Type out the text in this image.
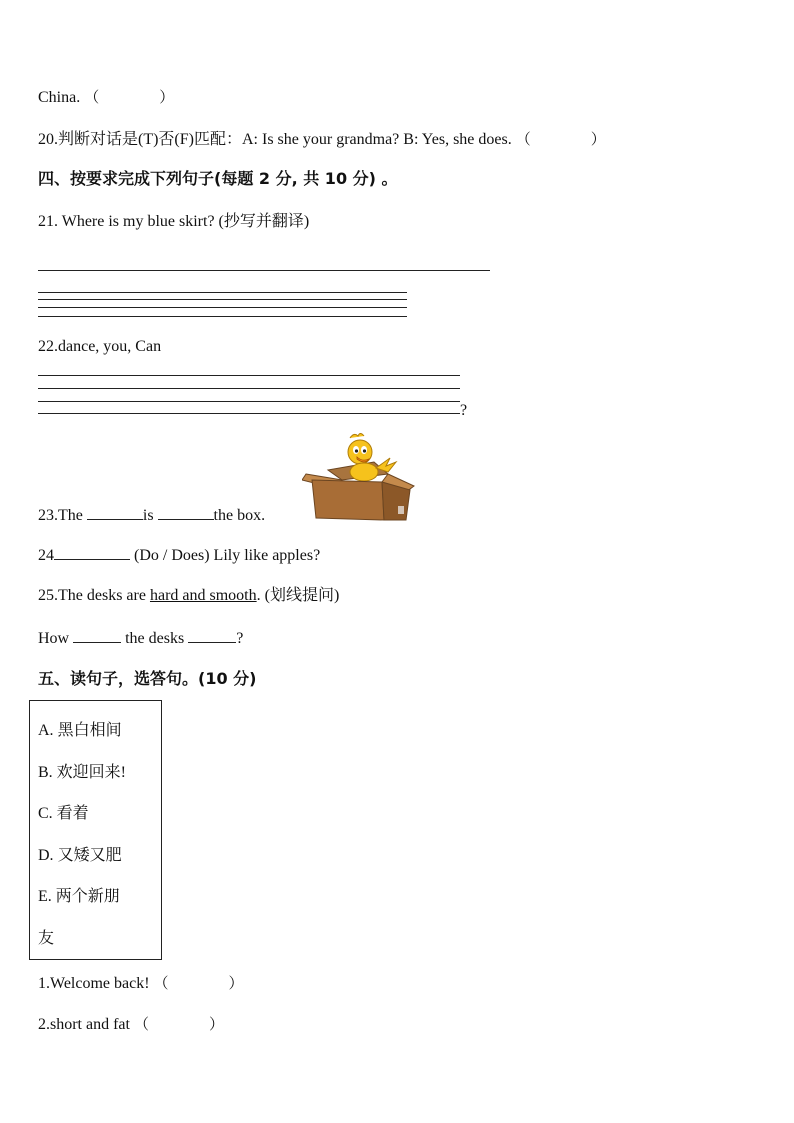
China. （　　　　）
20.判断对话是(T)否(F)匹配：A: Is she your grandma? B: Yes, she does. （　　　　）
四、按要求完成下列句子(每题 2 分, 共 10 分) 。
21. Where is my blue skirt? (抄写并翻译)
22.dance, you, Can
?
23.The	is	the box.
24	(Do / Does) Lily like apples?
25.The desks are hard and smooth. (划线提问)
How	the desks	?
五、读句子，选答句。(10 分)
A. 黑白相间
B. 欢迎回来!
C. 看着
D. 又矮又肥
E. 两个新朋
友
1.Welcome back! （　　　　）
2.short and fat （　　　　）
